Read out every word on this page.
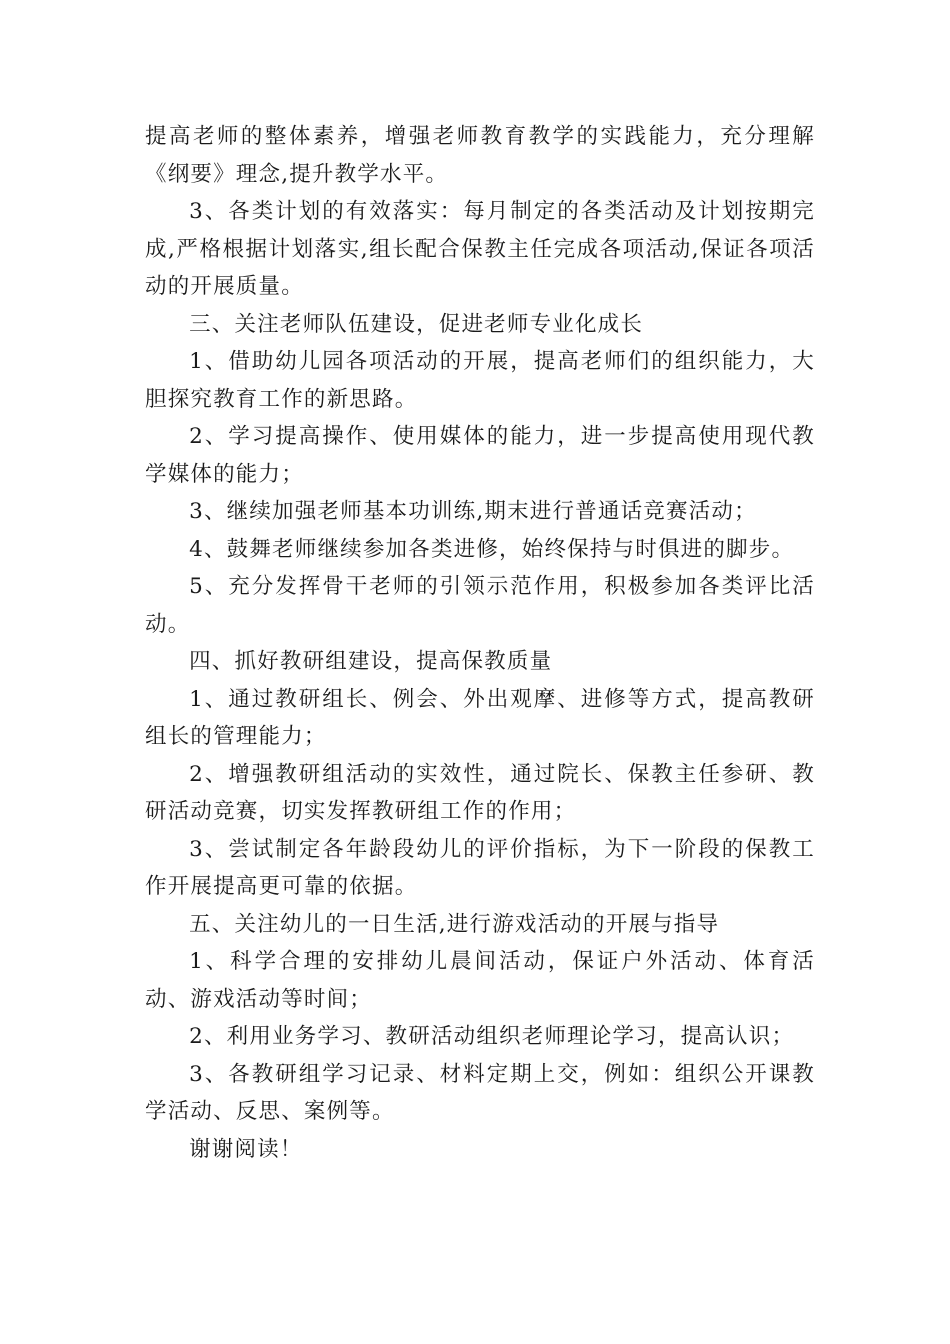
提高老师的整体素养，增强老师教育教学的实践能力，充分理解《纲要》理念,提升教学水平。

3、各类计划的有效落实：每月制定的各类活动及计划按期完成,严格根据计划落实,组长配合保教主任完成各项活动,保证各项活动的开展质量。

三、关注老师队伍建设，促进老师专业化成长

1、借助幼儿园各项活动的开展，提高老师们的组织能力，大胆探究教育工作的新思路。

2、学习提高操作、使用媒体的能力，进一步提高使用现代教学媒体的能力；

3、继续加强老师基本功训练,期末进行普通话竞赛活动；

4、鼓舞老师继续参加各类进修，始终保持与时俱进的脚步。

5、充分发挥骨干老师的引领示范作用，积极参加各类评比活动。

四、抓好教研组建设，提高保教质量

1、通过教研组长、例会、外出观摩、进修等方式，提高教研组长的管理能力；

2、增强教研组活动的实效性，通过院长、保教主任参研、教研活动竞赛，切实发挥教研组工作的作用；

3、尝试制定各年龄段幼儿的评价指标，为下一阶段的保教工作开展提高更可靠的依据。

五、关注幼儿的一日生活,进行游戏活动的开展与指导

1、科学合理的安排幼儿晨间活动，保证户外活动、体育活动、游戏活动等时间；

2、利用业务学习、教研活动组织老师理论学习，提高认识；

3、各教研组学习记录、材料定期上交，例如：组织公开课教学活动、反思、案例等。

谢谢阅读！
